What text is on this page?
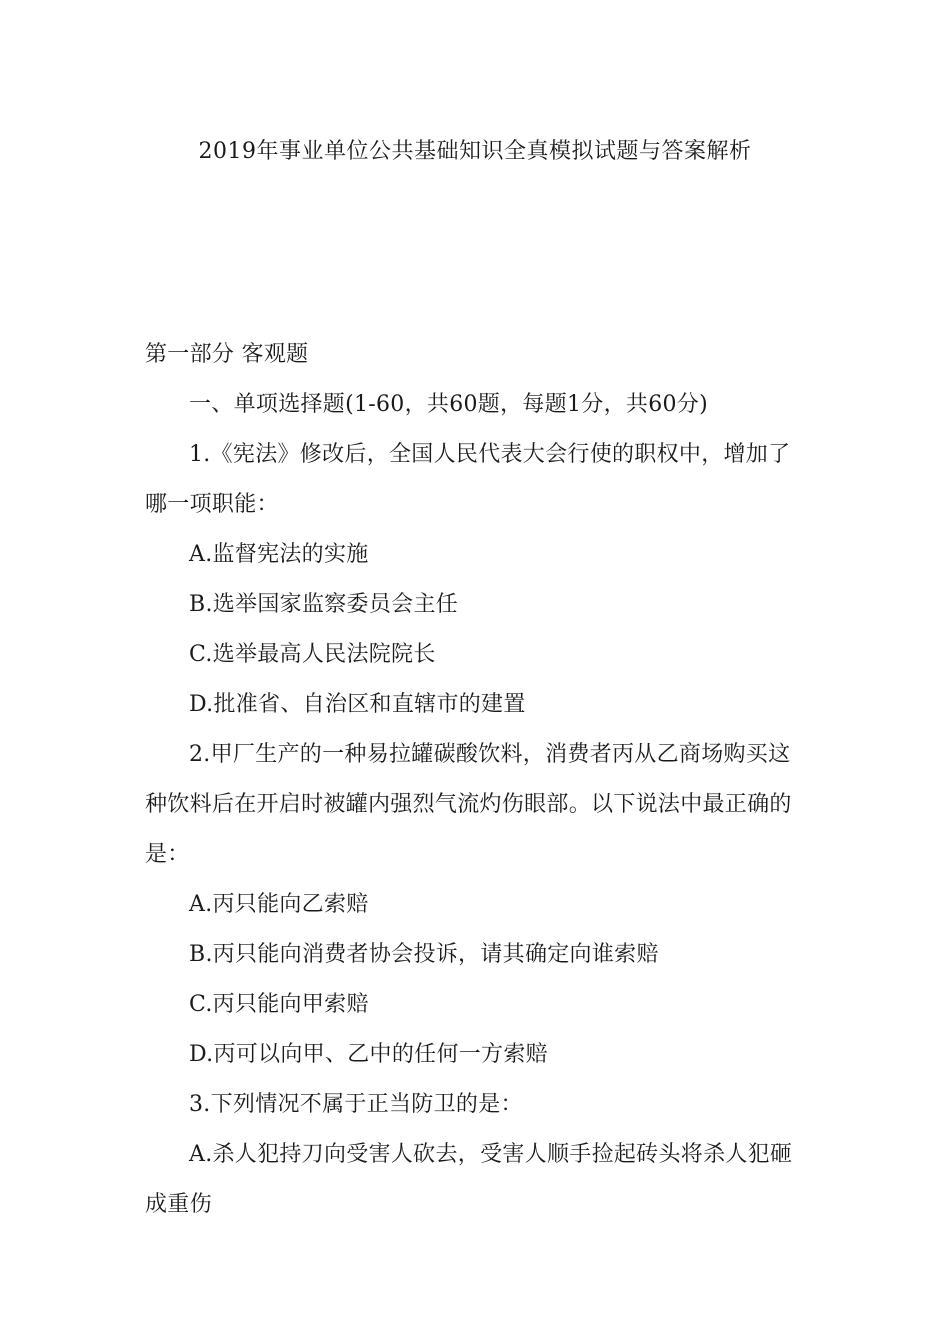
2019年事业单位公共基础知识全真模拟试题与答案解析

第一部分 客观题

一、单项选择题(1-60，共60题，每题1分，共60分)

1.《宪法》修改后，全国人民代表大会行使的职权中，增加了哪一项职能：

A.监督宪法的实施

B.选举国家监察委员会主任

C.选举最高人民法院院长

D.批准省、自治区和直辖市的建置

2.甲厂生产的一种易拉罐碳酸饮料，消费者丙从乙商场购买这种饮料后在开启时被罐内强烈气流灼伤眼部。以下说法中最正确的是：

A.丙只能向乙索赔

B.丙只能向消费者协会投诉，请其确定向谁索赔

C.丙只能向甲索赔

D.丙可以向甲、乙中的任何一方索赔

3.下列情况不属于正当防卫的是：

A.杀人犯持刀向受害人砍去，受害人顺手捡起砖头将杀人犯砸成重伤
